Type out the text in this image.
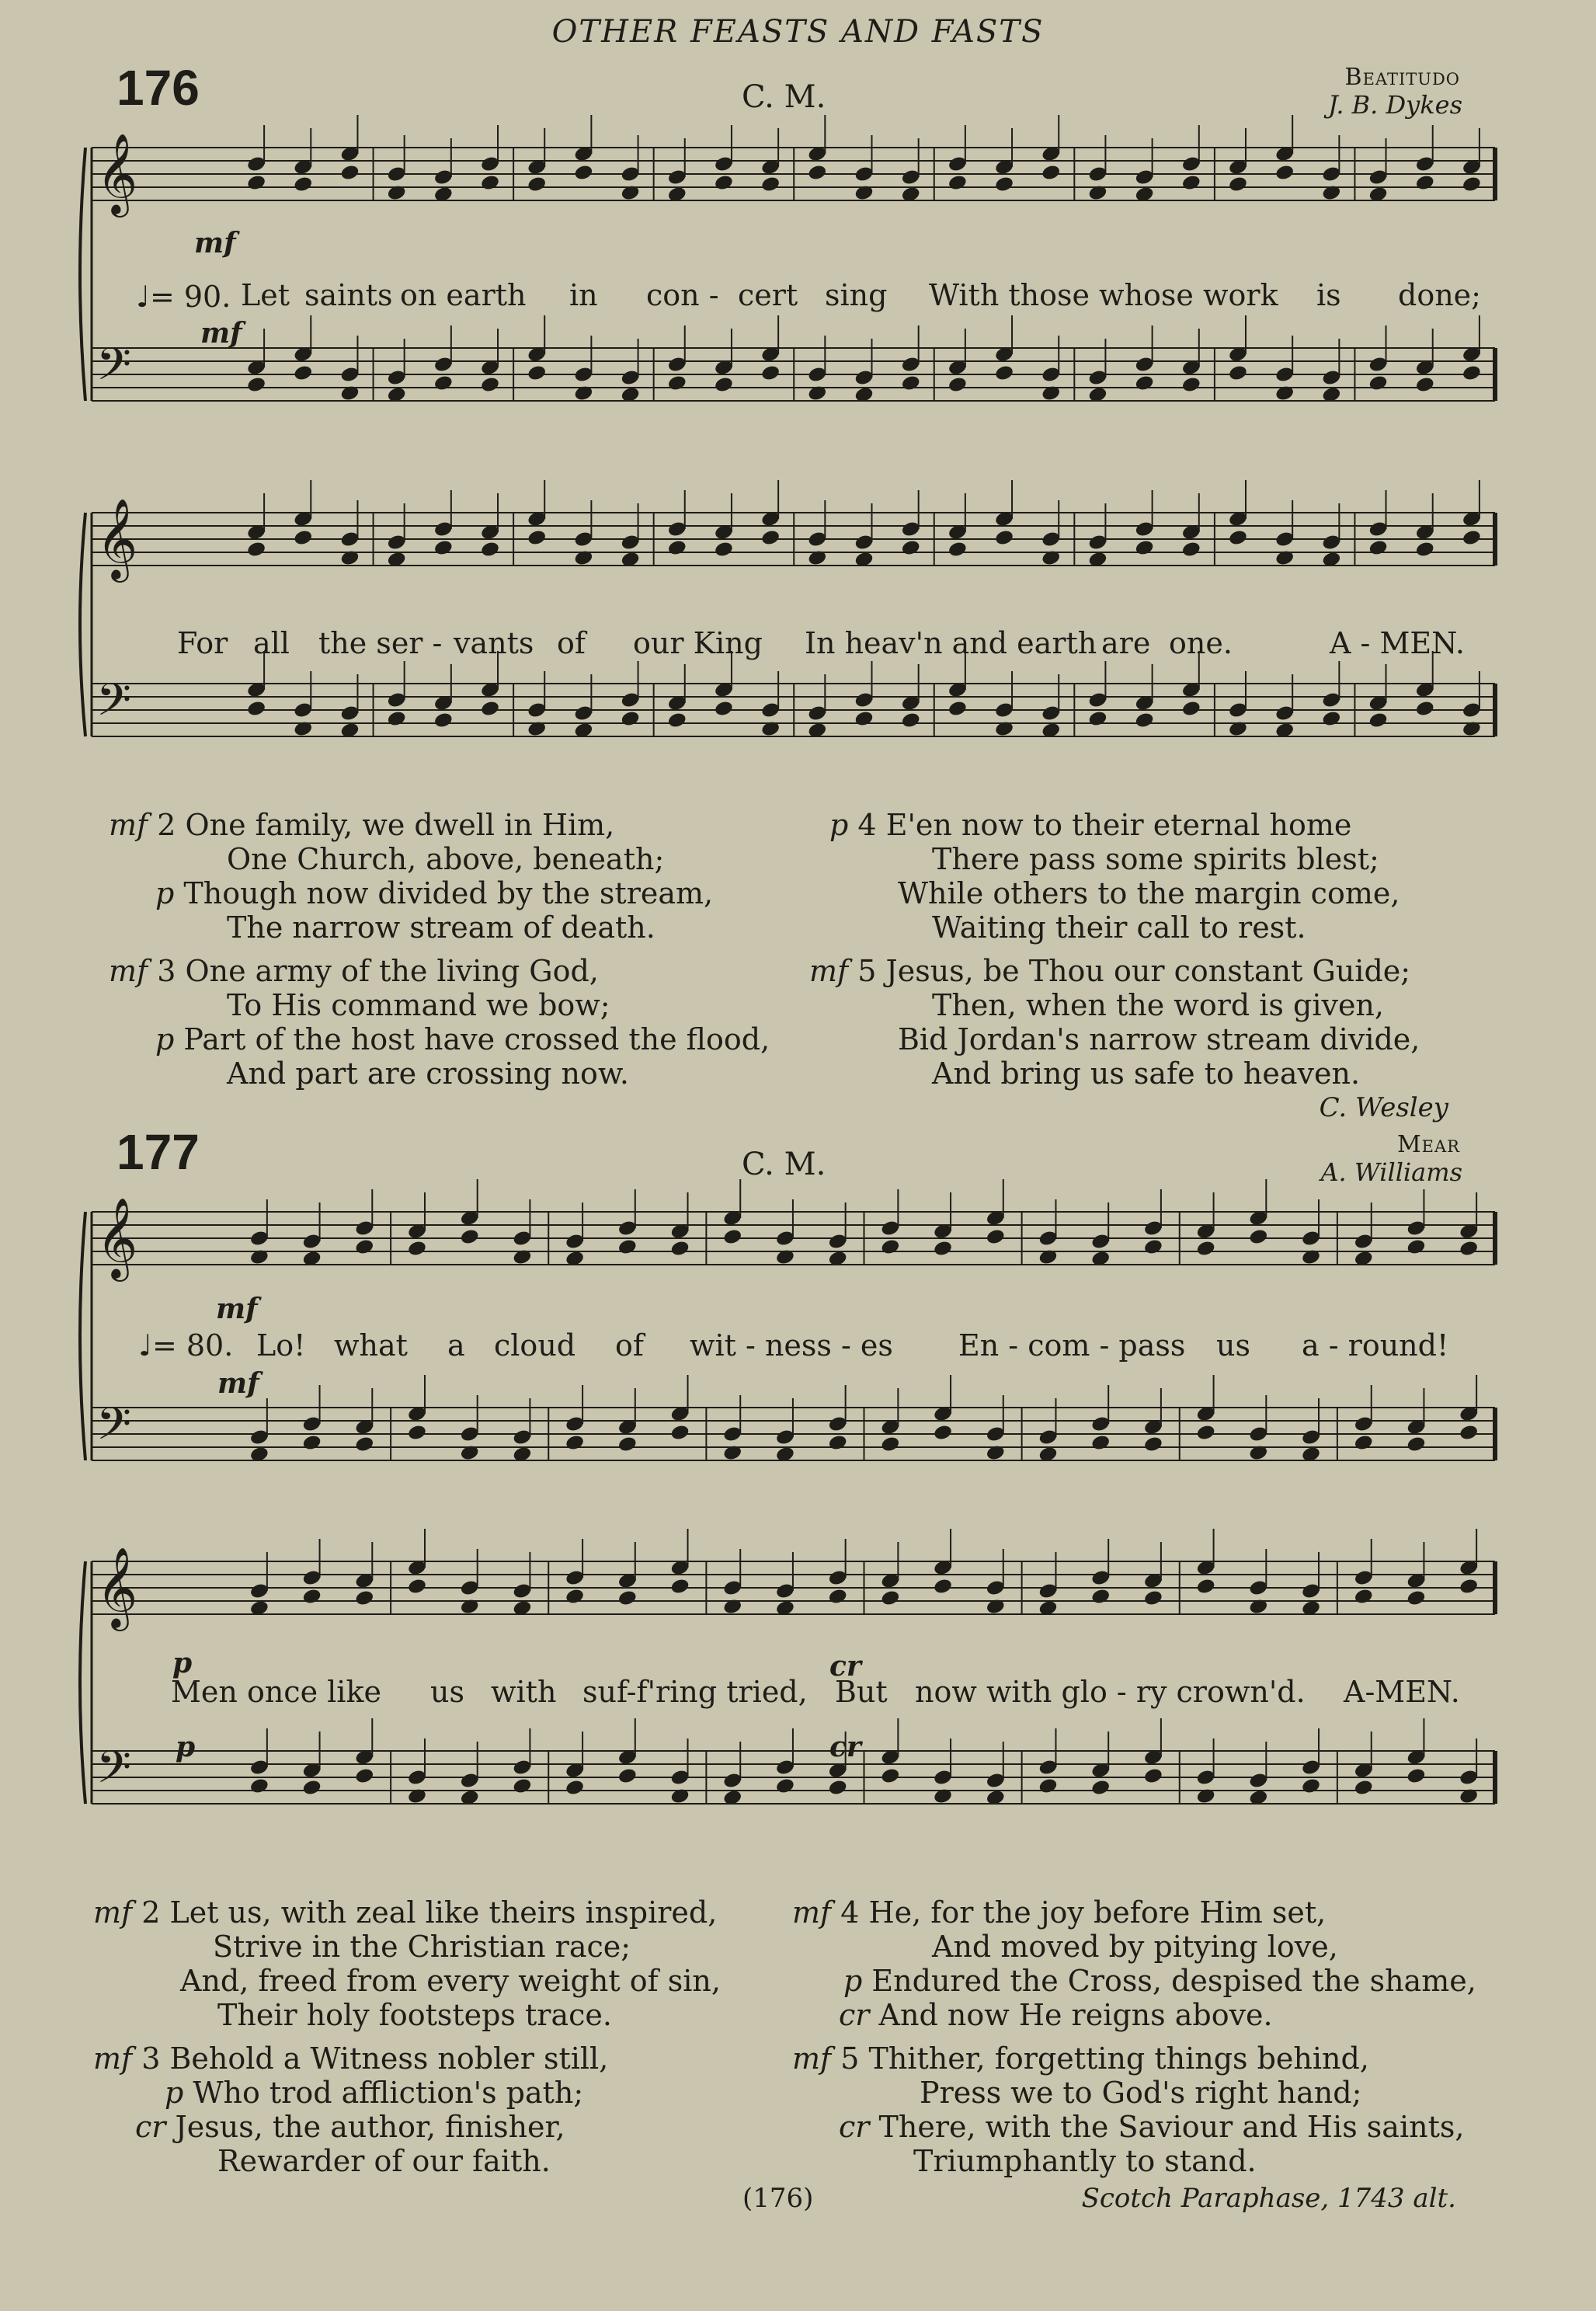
OTHER FEASTS AND FASTS
176	C. M.
Beatitudo
J. B. Dykes
𝄞
𝄢
𝄞
𝄢
𝄞
𝄢
𝄞
𝄢
mf
♩= 90.
mf
Let saints on earth in con - cert sing With those whose work is done;
For all the ser - vants of our King In heav'n and earth are one.	A - MEN.
mf 2 One family, we dwell in Him,
One Church, above, beneath;
p Though now divided by the stream,
The narrow stream of death.
mf 3 One army of the living God,
To His command we bow;
p Part of the host have crossed the flood,
And part are crossing now.
p 4 E'en now to their eternal home
There pass some spirits blest;
While others to the margin come,
Waiting their call to rest.
mf 5 Jesus, be Thou our constant Guide;
Then, when the word is given,
Bid Jordan's narrow stream divide,
And bring us safe to heaven.
C. Wesley
177	C. M.
Mear
A. Williams
mf
♩= 80.
mf
Lo! what a cloud of wit - ness - es En - com - pass us a - round!
p	cr
Men once like us with suf-f'ring tried, But now with glo - ry crown'd. A-MEN.
p	cr
mf 2 Let us, with zeal like theirs inspired,
Strive in the Christian race;
And, freed from every weight of sin,
Their holy footsteps trace.
mf 3 Behold a Witness nobler still,
p Who trod affliction's path;
cr Jesus, the author, finisher,
Rewarder of our faith.
mf 4 He, for the joy before Him set,
And moved by pitying love,
p Endured the Cross, despised the shame,
cr And now He reigns above.
mf 5 Thither, forgetting things behind,
Press we to God's right hand;
cr There, with the Saviour and His saints,
Triumphantly to stand.
(176)	Scotch Paraphase, 1743 alt.
